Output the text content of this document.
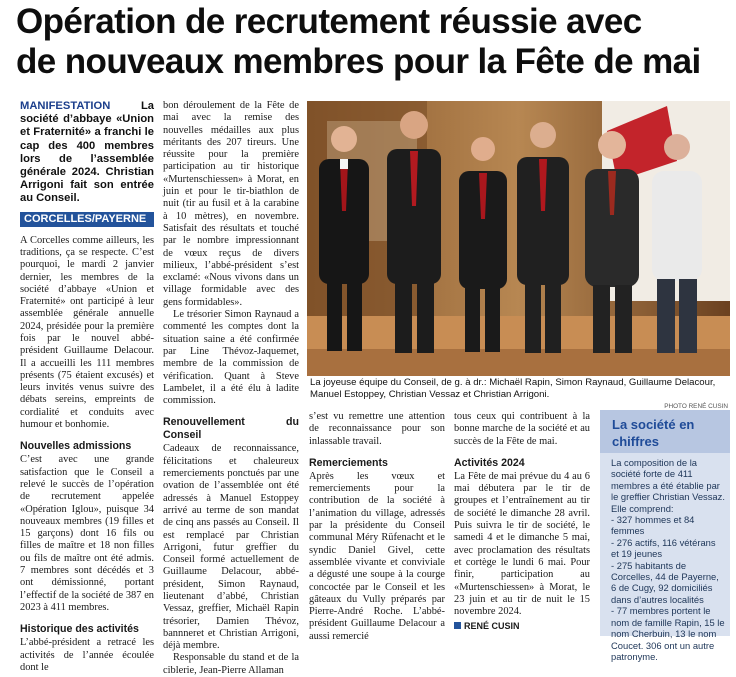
Opération de recrutement réussie avec
de nouveaux membres pour la Fête de mai
MANIFESTATION	La société d’abbaye «Union et Fraternité» a franchi le cap des 400 membres lors de l’assemblée générale 2024. Christian Arrigoni fait son entrée au Conseil.
CORCELLES/PAYERNE

A Corcelles comme ailleurs, les traditions, ça se respecte. C’est pourquoi, le mardi 2 janvier dernier, les membres de la société d’abbaye «Union et Fraternité» ont participé à leur assemblée générale annuelle 2024, présidée pour la première fois par le nouvel abbé-président Guillaume Delacour. Il a accueilli les 111 membres présents (75 étaient excusés) et leurs invités venus suivre des débats sereins, empreints de cordialité et conduits avec humour et bonhomie.

Nouvelles admissions

C’est avec une grande satisfaction que le Conseil a relevé le succès de l’opération de recrutement appelée «Opération Iglou», puisque 34 nouveaux membres (19 filles et 15 garçons) dont 16 fils ou filles de maître et 18 non filles ou fils de maître ont été admis. 7 membres sont décédés et 3 ont démissionné, portant l’effectif de la société de 387 en 2023 à 411 membres.

Historique des activités

L’abbé-président a retracé les activités de l’année écoulée dont le

bon déroulement de la Fête de mai avec la remise des nouvelles médailles aux plus méritants des 207 tireurs. Une réussite pour la première participation au tir historique «Murtenschiessen» à Morat, en juin et pour le tir-biathlon de nuit (tir au fusil et à la carabine à 10 mètres), en novembre. Satisfait des résultats et touché par le nombre impressionnant de vœux reçus de divers milieux, l’abbé-président s’est exclamé: «Nous vivons dans un village formidable avec des gens formidables».

Le trésorier Simon Raynaud a commenté les comptes dont la situation saine a été confirmée par Line Thévoz-Jaquemet, membre de la commission de vérification. Quant à Steve Lambelet, il a été élu à ladite commission.

Renouvellement du Conseil

Cadeaux de reconnaissance, félicitations et chaleureux remerciements ponctués par une ovation de l’assemblée ont été adressés à Manuel Estoppey arrivé au terme de son mandat de cinq ans passés au Conseil. Il est remplacé par Christian Arrigoni, futur greffier du Conseil formé actuellement de Guillaume Delacour, abbé-président, Simon Raynaud, lieutenant d’abbé, Christian Vessaz, greffier, Michaël Rapin trésorier, Damien Thévoz, bannneret et Christian Arrigoni, déjà membre.

Responsable du stand et de la ciblerie, Jean-Pierre Allaman

La joyeuse équipe du Conseil, de g. à dr.: Michaël Rapin, Simon Raynaud, Guillaume Delacour, Manuel Estoppey, Christian Vessaz et Christian Arrigoni.
PHOTO RENÉ CUSIN

s’est vu remettre une attention de reconnaissance pour son inlassable travail.

Remerciements

Après les vœux et remerciements pour la contribution de la société à l’animation du village, adressés par la présidente du Conseil communal Méry Rüfenacht et le syndic Daniel Givel, cette assemblée vivante et conviviale a dégusté une soupe à la courge concoctée par le Conseil et les gâteaux du Vully préparés par Pierre-André Roche. L’abbé-président Guillaume Delacour a aussi remercié

tous ceux qui contribuent à la bonne marche de la société et au succès de la Fête de mai.

Activités 2024

La Fête de mai prévue du 4 au 6 mai débutera par le tir de groupes et l’entraînement au tir de société le dimanche 28 avril. Puis suivra le tir de société, le samedi 4 et le dimanche 5 mai, avec proclamation des résultats et cortège le lundi 6 mai. Pour finir, participation au «Murtenschiessen» à Morat, le 23 juin et au tir de nuit le 15 novembre 2024.

RENÉ CUSIN
La société en chiffres
La composition de la société forte de 411 membres a été établie par le greffier Christian Vessaz. Elle comprend:
- 327 hommes et 84 femmes
- 276 actifs, 116 vétérans et 19 jeunes
- 275 habitants de Corcelles, 44 de Payerne, 6 de Cugy, 92 domiciliés dans d’autres localités
- 77 membres portent le nom de famille Rapin, 15 le nom Cherbuin, 13 le nom Coucet. 306 ont un autre patronyme.
